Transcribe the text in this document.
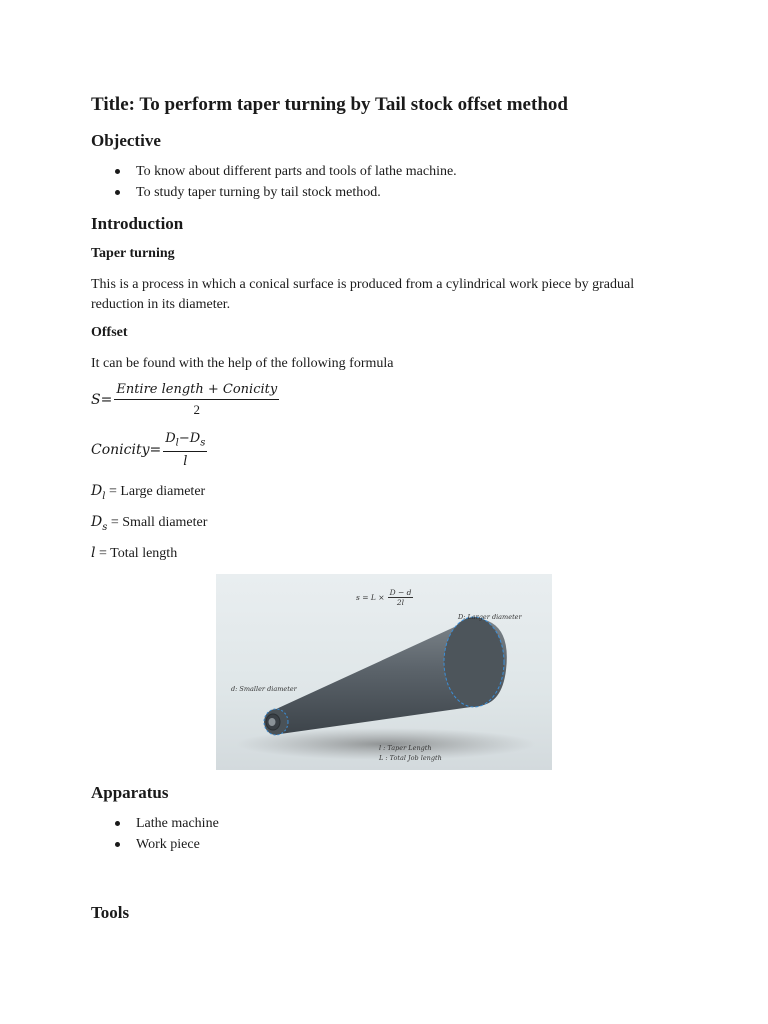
Title: To perform taper turning by Tail stock offset method
Objective
To know about different parts and tools of lathe machine.
To study taper turning by tail stock method.
Introduction
Taper turning

This is a process in which a conical surface is produced from a cylindrical work piece by gradual
reduction in its diameter.

Offset

It can be found with the help of the following formula

$S= \frac{\text{Entire length + Conicity}}{2}$
Conicity= $\frac{D_l-D_s}{l}$
$D_l$ = Large diameter
$D_s$ = Small diameter
l = Total length
$s = L \times \frac{D - d}{2l}$
D: Larger diameter
d: Smaller diameter
l : Taper Length
L : Total Job length
Apparatus
Lathe machine
Work piece
Tools
